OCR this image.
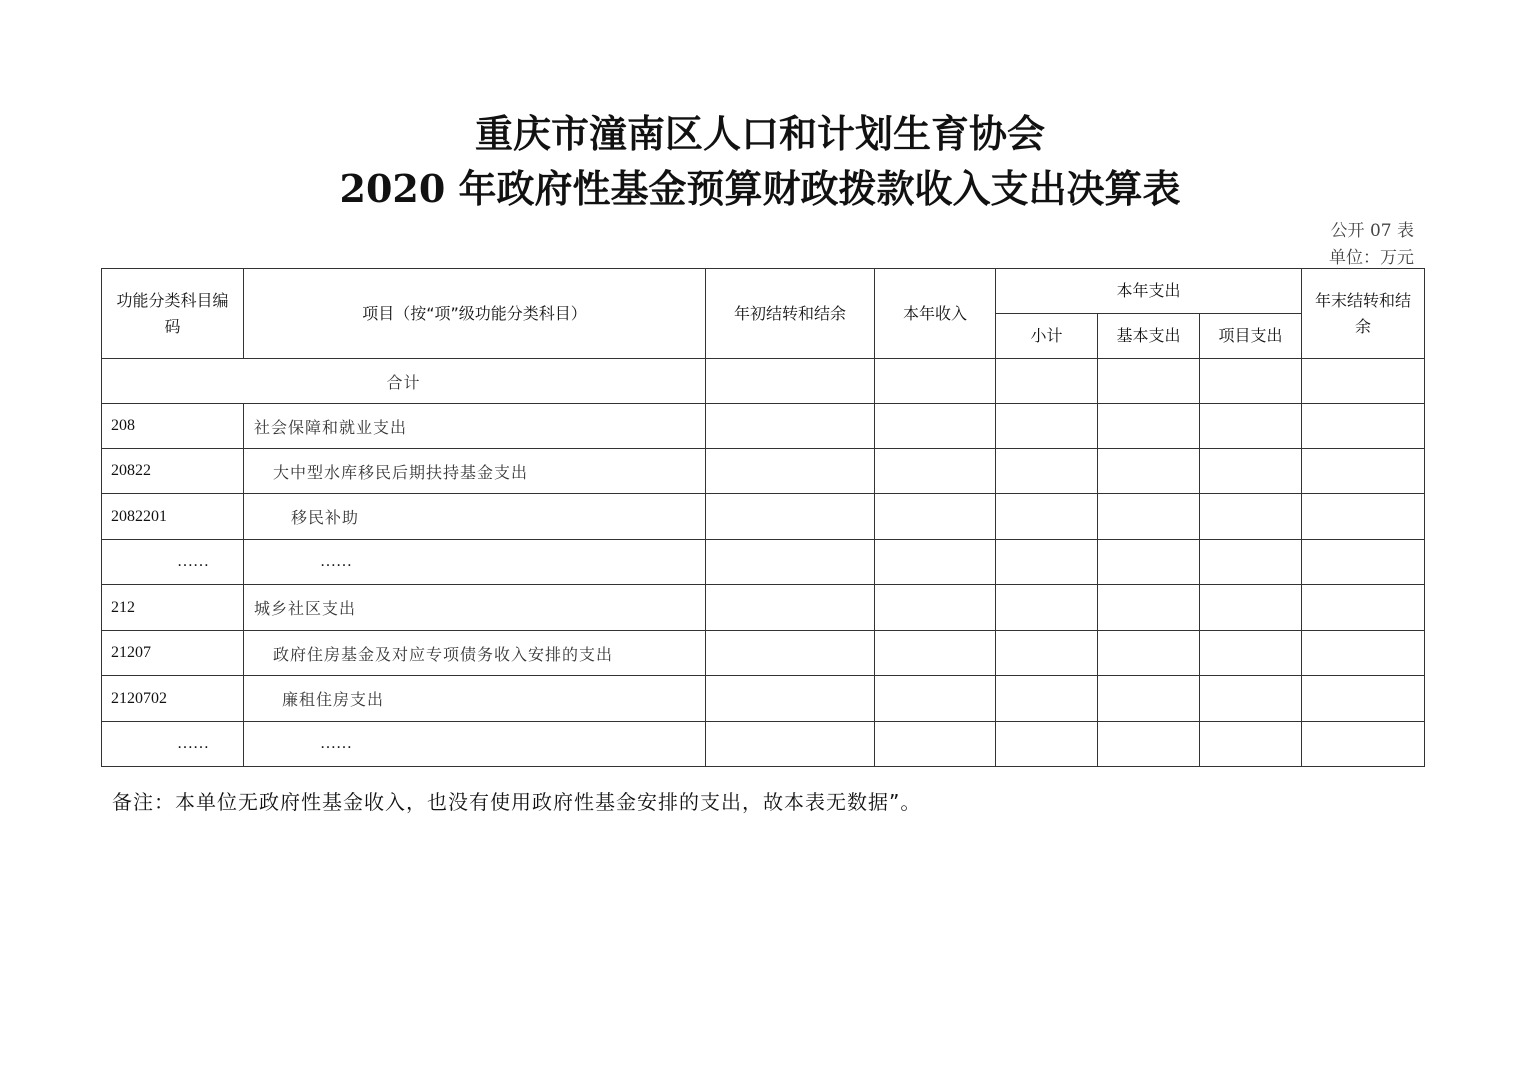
重庆市潼南区人口和计划生育协会
2020 年政府性基金预算财政拨款收入支出决算表
公开 07 表
单位：万元
功能分类科目编码	项目（按“项”级功能分类科目）	年初结转和结余	本年收入	本年支出			年末结转和结余
				小计	基本支出	项目支出	
合计							
208	社会保障和就业支出						
20822	大中型水库移民后期扶持基金支出						
2082201	移民补助						
……	……						
212	城乡社区支出						
21207	政府住房基金及对应专项债务收入安排的支出						
2120702	廉租住房支出						
……	……						
备注：本单位无政府性基金收入，也没有使用政府性基金安排的支出，故本表无数据”。
